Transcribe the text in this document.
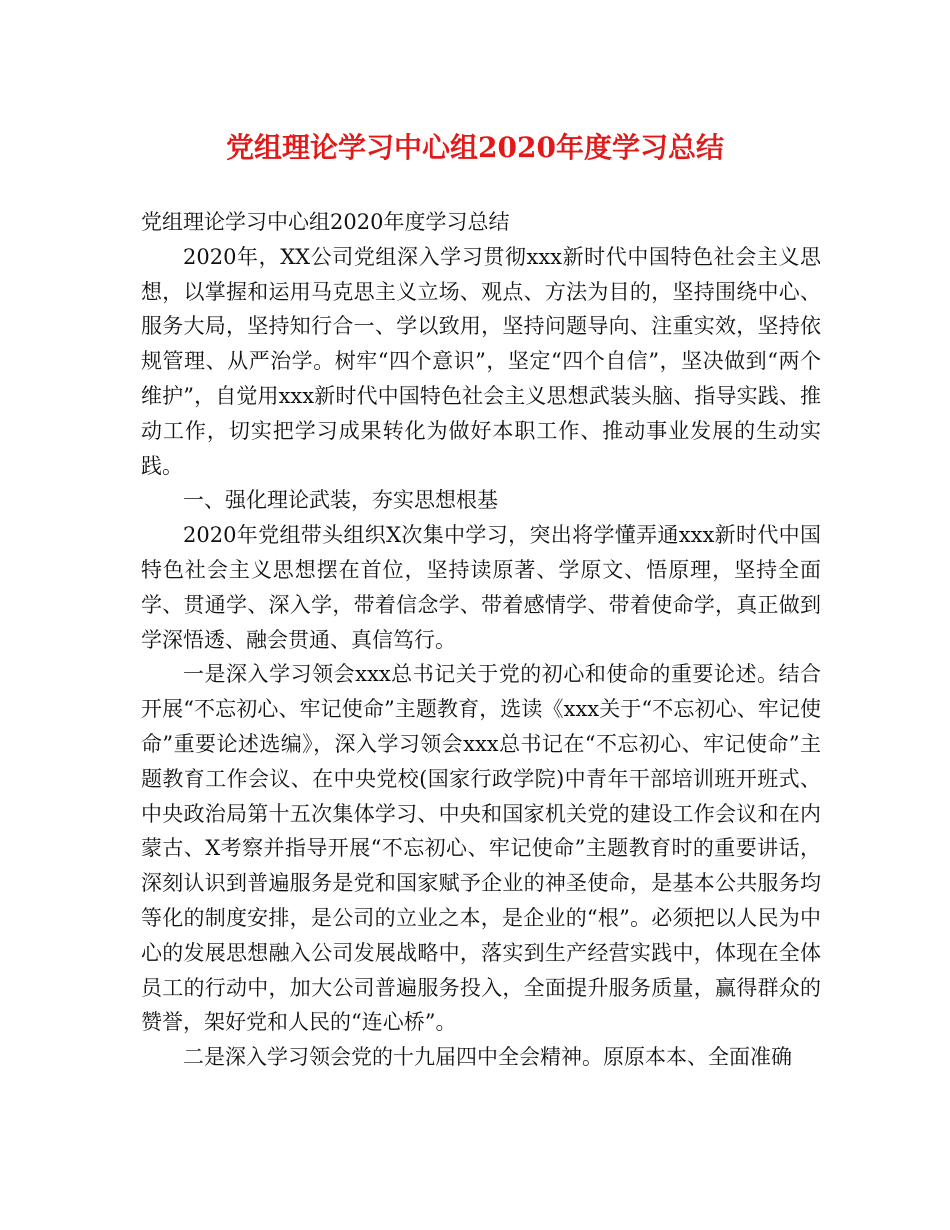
党组理论学习中心组2020年度学习总结

党组理论学习中心组2020年度学习总结

2020年，XX公司党组深入学习贯彻xxx新时代中国特色社会主义思想，以掌握和运用马克思主义立场、观点、方法为目的，坚持围绕中心、服务大局，坚持知行合一、学以致用，坚持问题导向、注重实效，坚持依规管理、从严治学。树牢“四个意识”，坚定“四个自信”，坚决做到“两个维护”，自觉用xxx新时代中国特色社会主义思想武装头脑、指导实践、推动工作，切实把学习成果转化为做好本职工作、推动事业发展的生动实践。

一、强化理论武装，夯实思想根基

2020年党组带头组织X次集中学习，突出将学懂弄通xxx新时代中国特色社会主义思想摆在首位，坚持读原著、学原文、悟原理，坚持全面学、贯通学、深入学，带着信念学、带着感情学、带着使命学，真正做到学深悟透、融会贯通、真信笃行。

一是深入学习领会xxx总书记关于党的初心和使命的重要论述。结合开展“不忘初心、牢记使命”主题教育，选读《xxx关于“不忘初心、牢记使命”重要论述选编》，深入学习领会xxx总书记在“不忘初心、牢记使命”主题教育工作会议、在中央党校(国家行政学院)中青年干部培训班开班式、中央政治局第十五次集体学习、中央和国家机关党的建设工作会议和在内蒙古、X考察并指导开展“不忘初心、牢记使命”主题教育时的重要讲话，深刻认识到普遍服务是党和国家赋予企业的神圣使命，是基本公共服务均等化的制度安排，是公司的立业之本，是企业的“根”。必须把以人民为中心的发展思想融入公司发展战略中，落实到生产经营实践中，体现在全体员工的行动中，加大公司普遍服务投入，全面提升服务质量，赢得群众的赞誉，架好党和人民的“连心桥”。

二是深入学习领会党的十九届四中全会精神。原原本本、全面准确
